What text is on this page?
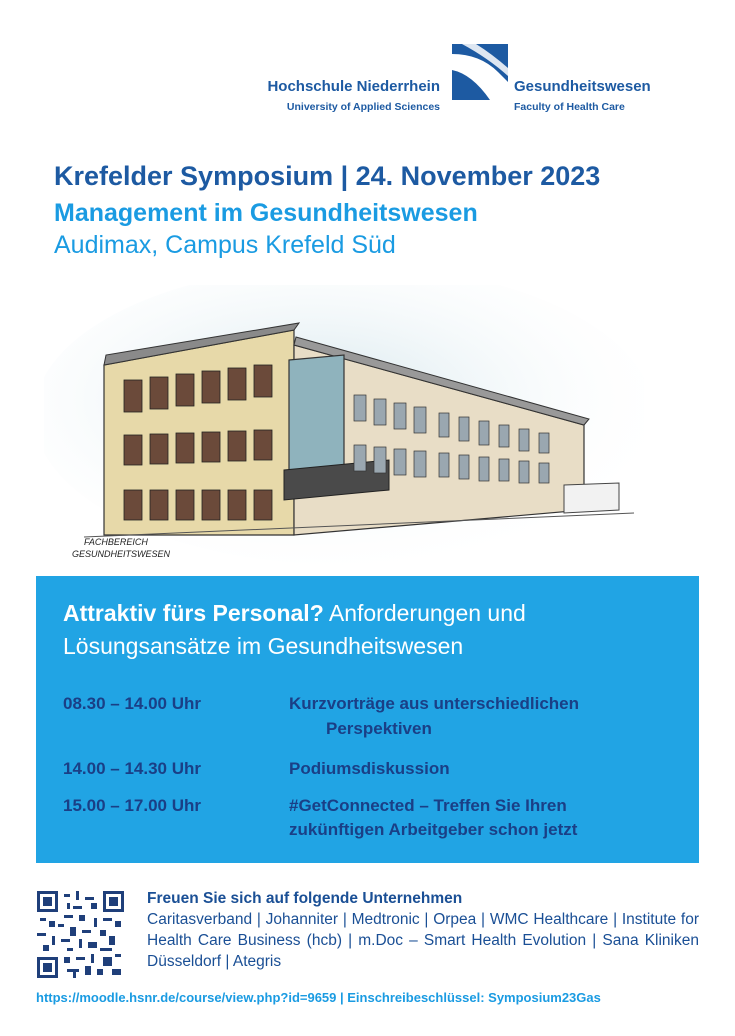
Hochschule Niederrhein
University of Applied Sciences
Gesundheitswesen
Faculty of Health Care
Krefelder Symposium | 24. November 2023
Management im Gesundheitswesen
Audimax, Campus Krefeld Süd
FACHBEREICH
GESUNDHEITSWESEN
Attraktiv fürs Personal? Anforderungen und Lösungsansätze im Gesundheitswesen
08.30 – 14.00 Uhr	Kurzvorträge aus unterschiedlichen
Perspektiven
14.00 – 14.30 Uhr	Podiumsdiskussion
15.00 – 17.00 Uhr	#GetConnected – Treffen Sie Ihren
zukünftigen Arbeitgeber schon jetzt
Freuen Sie sich auf folgende Unternehmen
Caritasverband | Johanniter | Medtronic | Orpea | WMC Healthcare | Institute for Health Care Business (hcb) | m.Doc – Smart Health Evolution | Sana Kliniken Düsseldorf | Ategris
https://moodle.hsnr.de/course/view.php?id=9659 | Einschreibeschlüssel: Symposium23Gas
